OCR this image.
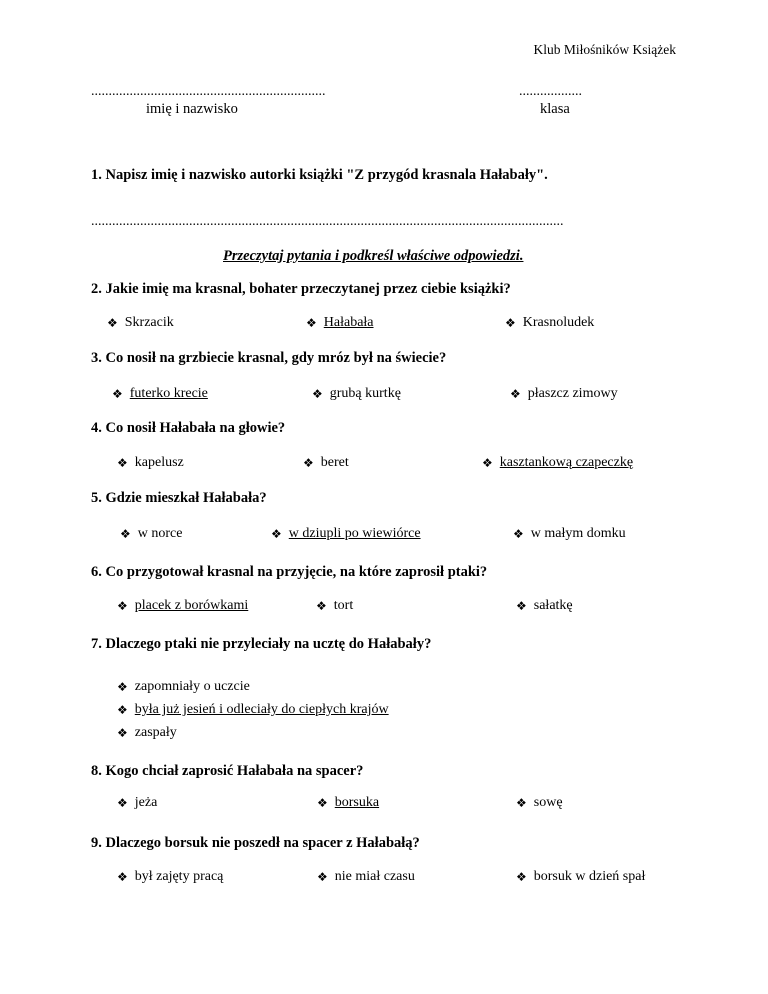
Klub Miłośników Książek
...................................................................
imię i nazwisko
..................
klasa
1. Napisz imię i nazwisko autorki książki "Z przygód krasnala Hałabały".
.......................................................................................................................................
Przeczytaj pytania i podkreśl właściwe odpowiedzi.
2. Jakie imię ma krasnal, bohater przeczytanej przez ciebie książki?
❖ Skrzacik	❖ Hałabała	❖ Krasnoludek
3. Co nosił na grzbiecie krasnal, gdy mróz był na świecie?
❖ futerko krecie	❖ grubą kurtkę	❖ płaszcz zimowy
4. Co nosił Hałabała na głowie?
❖ kapelusz	❖ beret	❖ kasztankową czapeczkę
5. Gdzie mieszkał Hałabała?
❖ w norce	❖ w dziupli po wiewiórce	❖ w małym domku
6. Co przygotował krasnal na przyjęcie, na które zaprosił ptaki?
❖ placek z borówkami	❖ tort	❖ sałatkę
7. Dlaczego ptaki nie przyleciały na ucztę do Hałabały?
❖ zapomniały o uczcie
❖ była już jesień i odleciały do ciepłych krajów
❖ zaspały
8. Kogo chciał zaprosić Hałabała na spacer?
❖ jeża	❖ borsuka	❖ sowę
9. Dlaczego borsuk nie poszedł na spacer z Hałabałą?
❖ był zajęty pracą	❖ nie miał czasu	❖ borsuk w dzień spał
